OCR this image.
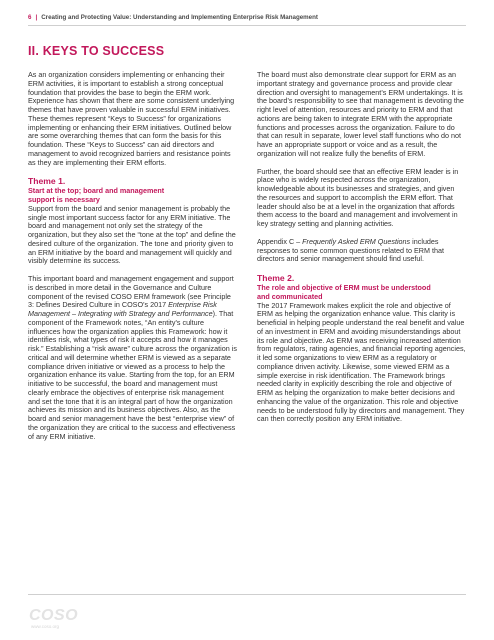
6 | Creating and Protecting Value: Understanding and Implementing Enterprise Risk Management
II. KEYS TO SUCCESS

As an organization considers implementing or enhancing their ERM activities, it is important to establish a strong conceptual foundation that provides the base to begin the ERM work. Experience has shown that there are some consistent underlying themes that have proven valuable in successful ERM initiatives. These themes represent “Keys to Success” for organizations implementing or enhancing their ERM initiatives. Outlined below are some overarching themes that can form the basis for this foundation. These “Keys to Success” can aid directors and management to avoid recognized barriers and resistance points as they are implementing their ERM efforts.

Theme 1.
Start at the top; board and management
support is necessary

Support from the board and senior management is probably the single most important success factor for any ERM initiative. The board and management not only set the strategy of the organization, but they also set the “tone at the top” and define the desired culture of the organization. The tone and priority given to an ERM initiative by the board and management will quickly and visibly determine its success.

This important board and management engagement and support is described in more detail in the Governance and Culture component of the revised COSO ERM framework (see Principle 3: Defines Desired Culture in COSO’s 2017 Enterprise Risk Management – Integrating with Strategy and Performance). That component of the Framework notes, “An entity’s culture influences how the organization applies this Framework: how it identifies risk, what types of risk it accepts and how it manages risk.” Establishing a “risk aware” culture across the organization is critical and will determine whether ERM is viewed as a separate compliance driven initiative or viewed as a process to help the organization enhance its value. Starting from the top, for an ERM initiative to be successful, the board and management must clearly embrace the objectives of enterprise risk management and set the tone that it is an integral part of how the organization achieves its mission and its business objectives. Also, as the board and senior management have the best “enterprise view” of the organization they are critical to the success and effectiveness of any ERM initiative.

The board must also demonstrate clear support for ERM as an important strategy and governance process and provide clear direction and oversight to management’s ERM undertakings. It is the board’s responsibility to see that management is devoting the right level of attention, resources and priority to ERM and that actions are being taken to integrate ERM with the appropriate functions and processes across the organization. Failure to do that can result in separate, lower level staff functions who do not have an appropriate support or voice and as a result, the organization will not realize fully the benefits of ERM.

Further, the board should see that an effective ERM leader is in place who is widely respected across the organization, knowledgeable about its businesses and strategies, and given the resources and support to accomplish the ERM effort. That leader should also be at a level in the organization that affords them access to the board and management and involvement in key strategy setting and planning activities.

Appendix C – Frequently Asked ERM Questions includes responses to some common questions related to ERM that directors and senior management should find useful.

Theme 2.
The role and objective of ERM must be understood
and communicated

The 2017 Framework makes explicit the role and objective of ERM as helping the organization enhance value. This clarity is beneficial in helping people understand the real benefit and value of an investment in ERM and avoiding misunderstandings about its role and objective. As ERM was receiving increased attention from regulators, rating agencies, and financial reporting agencies, it led some organizations to view ERM as a regulatory or compliance driven activity. Likewise, some viewed ERM as a simple exercise in risk identification. The Framework brings needed clarity in explicitly describing the role and objective of ERM as helping the organization to make better decisions and enhancing the value of the organization. This role and objective needs to be understood fully by directors and management. They can then correctly position any ERM initiative.

COSO
www.coso.org
